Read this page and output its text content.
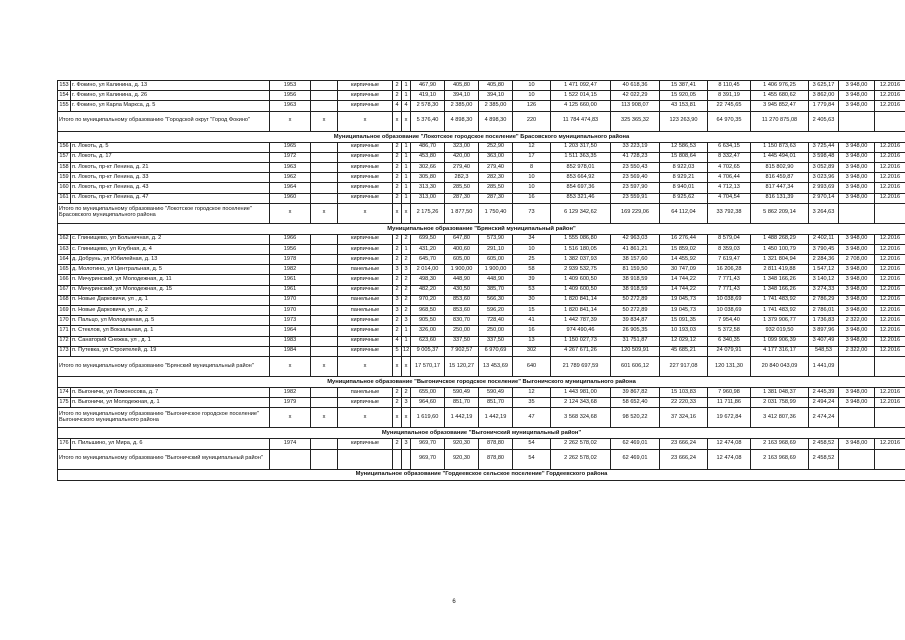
153	г. Фокино, ул Калинина, д. 13	1953		кирпичные	2	1	467,90	405,80	405,80	10	1 471 092,47	40 618,36	15 387,41	8 110,45	1 406 976,25	3 625,17	3 948,00	12.2016
154	г. Фокино, ул Калинина, д. 26	1956		кирпичные	2	1	419,10	394,10	394,10	10	1 522 014,15	42 022,29	15 920,05	8 391,19	1 455 680,62	3 862,00	3 948,00	12.2016
155	г. Фокино, ул Карла Маркса, д. 5	1963		кирпичные	4	4	2 578,30	2 385,00	2 385,00	126	4 125 660,00	113 908,07	43 153,81	22 745,65	3 945 852,47	1 779,84	3 948,00	12.2016
Итого по муниципальному образованию "Городской округ "Город Фокино"		x	x	x	x	x	5 376,40	4 898,30	4 898,30	220	11 784 474,83	325 365,32	123 263,90	64 970,35	11 270 875,08	2 405,63		
Муниципальное образование "Локотское городское поселение" Брасовского муниципального района																		
156	п. Локоть, д. 5	1965		кирпичные	2	1	486,70	323,00	252,90	12	1 203 317,50	33 223,19	12 586,53	6 634,15	1 150 873,63	3 725,44	3 948,00	12.2016
157	п. Локоть, д. 17	1972		кирпичные	2	1	453,80	420,00	363,00	17	1 511 363,35	41 728,23	15 808,64	8 332,47	1 445 494,01	3 598,48	3 948,00	12.2016
158	п. Локоть, пр-кт Ленина, д. 21	1963		кирпичные	2	1	302,66	279,40	279,40	8	852 978,01	23 550,43	8 922,03	4 702,65	815 802,90	3 052,89	3 948,00	12.2016
159	п. Локоть, пр-кт Ленина, д. 33	1962		кирпичные	2	1	305,80	282,3	282,30	10	853 664,92	23 569,40	8 929,21	4 706,44	816 459,87	3 023,96	3 948,00	12.2016
160	п. Локоть, пр-кт Ленина, д. 43	1964		кирпичные	2	1	313,30	285,50	285,50	10	854 697,36	23 597,90	8 940,01	4 712,13	817 447,34	2 993,69	3 948,00	12.2016
161	п. Локоть, пр-кт Ленина, д. 47	1960		кирпичные	2	1	313,00	287,30	287,30	16	853 321,46	23 559,91	8 925,62	4 704,54	816 131,39	2 970,14	3 948,00	12.2016
Итого по муниципальному образованию "Локотское городское поселение" Брасовского муниципального района		x	x	x	x	x	2 175,26	1 877,50	1 750,40	73	6 129 342,62	169 229,06	64 112,04	33 792,38	5 862 209,14	3 264,63		
Муниципальное образование "Брянский муниципальный район"																		
162	с. Глинищево, ул Больничная, д. 2	1966		кирпичные	2	2	699,50	647,80	573,90	34	1 555 086,80	42 963,03	16 276,44	8 579,04	1 488 268,29	2 402,11	3 948,00	12.2016
163	с. Глинищево, ул Клубная, д. 4	1956		кирпичные	2	1	431,20	400,60	291,10	10	1 516 180,05	41 861,21	15 859,02	8 359,03	1 450 100,79	3 790,45	3 948,00	12.2016
164	д. Добрунь, ул Юбилейная, д. 13	1978		кирпичные	2	2	645,70	605,00	605,00	25	1 382 037,93	38 157,60	14 455,92	7 619,47	1 321 804,94	2 284,36	2 708,00	12.2016
165	д. Молотино, ул Центральная, д. 5	1982		панельные	3	3	2 014,00	1 900,00	1 900,00	58	2 939 532,75	81 159,50	30 747,09	16 206,28	2 811 419,88	1 547,12	3 948,00	12.2016
166	п. Мичуринский, ул Молодежная, д. 11	1961		кирпичные	2	2	498,30	448,90	448,90	39	1 409 600,50	38 918,59	14 744,22	7 771,43	1 348 166,26	3 140,12	3 948,00	12.2016
167	п. Мичуринский, ул Молодежная, д. 15	1961		кирпичные	2	2	482,20	430,50	385,70	53	1 409 600,50	38 918,59	14 744,22	7 771,43	1 348 166,26	3 274,33	3 948,00	12.2016
168	п. Новые Дарковичи, ул , д. 1	1970		панельные	3	2	970,20	853,60	566,30	30	1 820 841,14	50 272,89	19 045,73	10 038,69	1 741 483,92	2 786,29	3 948,00	12.2016
169	п. Новые Дарковичи, ул , д. 2	1970		панельные	3	2	968,50	853,60	596,20	15	1 820 841,14	50 272,89	19 045,73	10 038,69	1 741 483,92	2 786,01	3 948,00	12.2016
170	п. Пальцо, ул Молодежная, д. 5	1973		кирпичные	2	3	905,50	830,70	728,40	41	1 442 787,39	39 834,87	15 091,35	7 954,40	1 379 906,77	1 736,83	2 322,00	12.2016
171	п. Стеклов, ул Вокзальная, д. 1	1964		кирпичные	2	1	326,00	250,00	250,00	16	974 490,46	26 905,35	10 193,03	5 372,58	932 019,50	3 897,96	3 948,00	12.2016
172	п. Санаторий Снежка, ул , д. 1	1983		кирпичные	4	1	623,60	337,50	337,50	13	1 150 027,73	31 751,87	12 029,12	6 340,35	1 099 906,39	3 407,49	3 948,00	12.2016
173	п. Путевка, ул Строителей, д. 19	1984		кирпичные	5	12	9 005,37	7 902,57	6 970,69	302	4 267 671,26	120 509,91	45 685,21	24 079,91	4 177 316,17	548,53	2 322,00	12.2016
Итого по муниципальному образованию "Брянский муниципальный район"		x	x	x	x	x	17 570,17	15 120,27	13 453,69	640	21 789 697,59	601 606,12	227 917,08	120 131,30	20 840 043,09	1 441,09		
Муниципальное образование "Выгоничское городское поселение" Выгоничского муниципального района																		
174	п. Выгоничи, ул Ломоносова, д. 7	1982		панельные	2	2	655,00	590,49	590,49	12	1 443 981,00	39 867,82	15 103,83	7 960,98	1 381 048,37	2 445,39	3 948,00	12.2016
175	п. Выгоничи, ул Молодежная, д. 1	1979		кирпичные	2	3	964,60	851,70	851,70	35	2 124 343,68	58 652,40	22 220,33	11 711,86	2 031 758,99	2 494,24	3 948,00	12.2016
Итого по муниципальному образованию "Выгоничское городское поселение" Выгоничского муниципального района		x	x	x	x	x	1 619,60	1 442,19	1 442,19	47	3 568 324,68	98 520,22	37 324,16	19 672,84	3 412 807,36	2 474,24		
Муниципальное образование "Выгоничский муниципальный район"																		
176	п. Пильшино, ул Мира, д. 6	1974		кирпичные	2	3	969,70	920,30	878,80	54	2 262 578,02	62 469,01	23 666,24	12 474,08	2 163 968,69	2 458,52	3 948,00	12.2016
Итого по муниципальному образованию "Выгоничский муниципальный район"							969,70	920,30	878,80	54	2 262 578,02	62 469,01	23 666,24	12 474,08	2 163 968,69	2 458,52		
Муниципальное образование "Гордеевское сельское поселение" Гордеевского района																		
6
